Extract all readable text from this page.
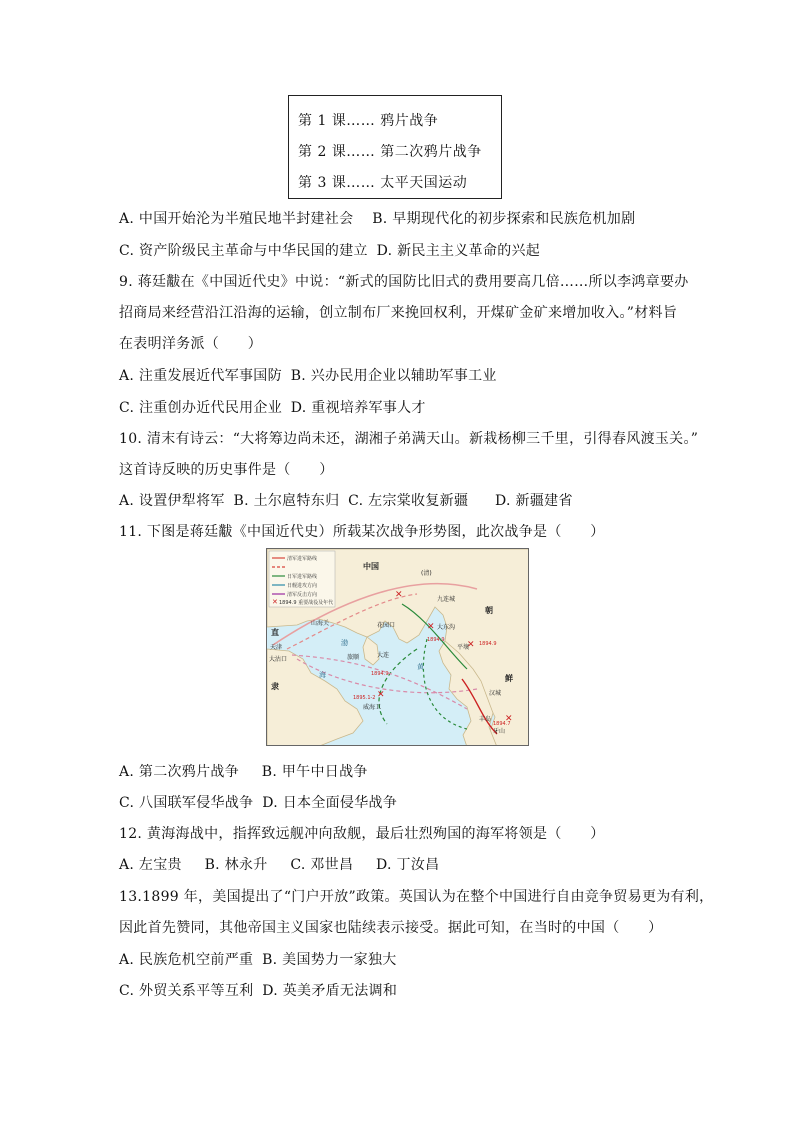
第 1 课…… 鸦片战争
第 2 课…… 第二次鸦片战争
第 3 课…… 太平天国运动
A. 中国开始沦为半殖民地半封建社会 B. 早期现代化的初步探索和民族危机加剧
C. 资产阶级民主革命与中华民国的建立 D. 新民主主义革命的兴起
9. 蒋廷黻在《中国近代史》中说：“新式的国防比旧式的费用要高几倍……所以李鸿章要办
招商局来经营沿江沿海的运输，创立制布厂来挽回权利，开煤矿金矿来增加收入。”材料旨
在表明洋务派（　　）
A. 注重发展近代军事国防 B. 兴办民用企业以辅助军事工业
C. 注重创办近代民用企业 D. 重视培养军事人才
10. 清末有诗云：“大将筹边尚未还，湖湘子弟满天山。新栽杨柳三千里，引得春风渡玉关。”
这首诗反映的历史事件是（　　）
A. 设置伊犁将军 B. 土尔扈特东归 C. 左宗棠收复新疆 D. 新疆建省
11. 下图是蒋廷黻《中国近代史）所载某次战争形势图，此次战争是（　　）
✕
清军进军路线
日军进军路线
日舰进攻方向
清军反击方向
1894.9 重要战役及年代
✕
✕
✕
✕
✕
中国
(清)
山海关
直
天津
大沽口
隶
花园口
旅顺	大连
九连城
大东沟
朝
鲜
平壤
汉城
威海卫
渤
海
黄
牙山
丰岛
1894.9
1894.9
1895.1-2
1894.9
1894.7
A. 第二次鸦片战争 B. 甲午中日战争
C. 八国联军侵华战争 D. 日本全面侵华战争
12. 黄海海战中，指挥致远舰冲向敌舰，最后壮烈殉国的海军将领是（　　）
A. 左宝贵 B. 林永升 C. 邓世昌 D. 丁汝昌
13.1899 年，美国提出了“门户开放”政策。英国认为在整个中国进行自由竞争贸易更为有利，
因此首先赞同，其他帝国主义国家也陆续表示接受。据此可知，在当时的中国（　　）
A. 民族危机空前严重 B. 美国势力一家独大
C. 外贸关系平等互利 D. 英美矛盾无法调和
